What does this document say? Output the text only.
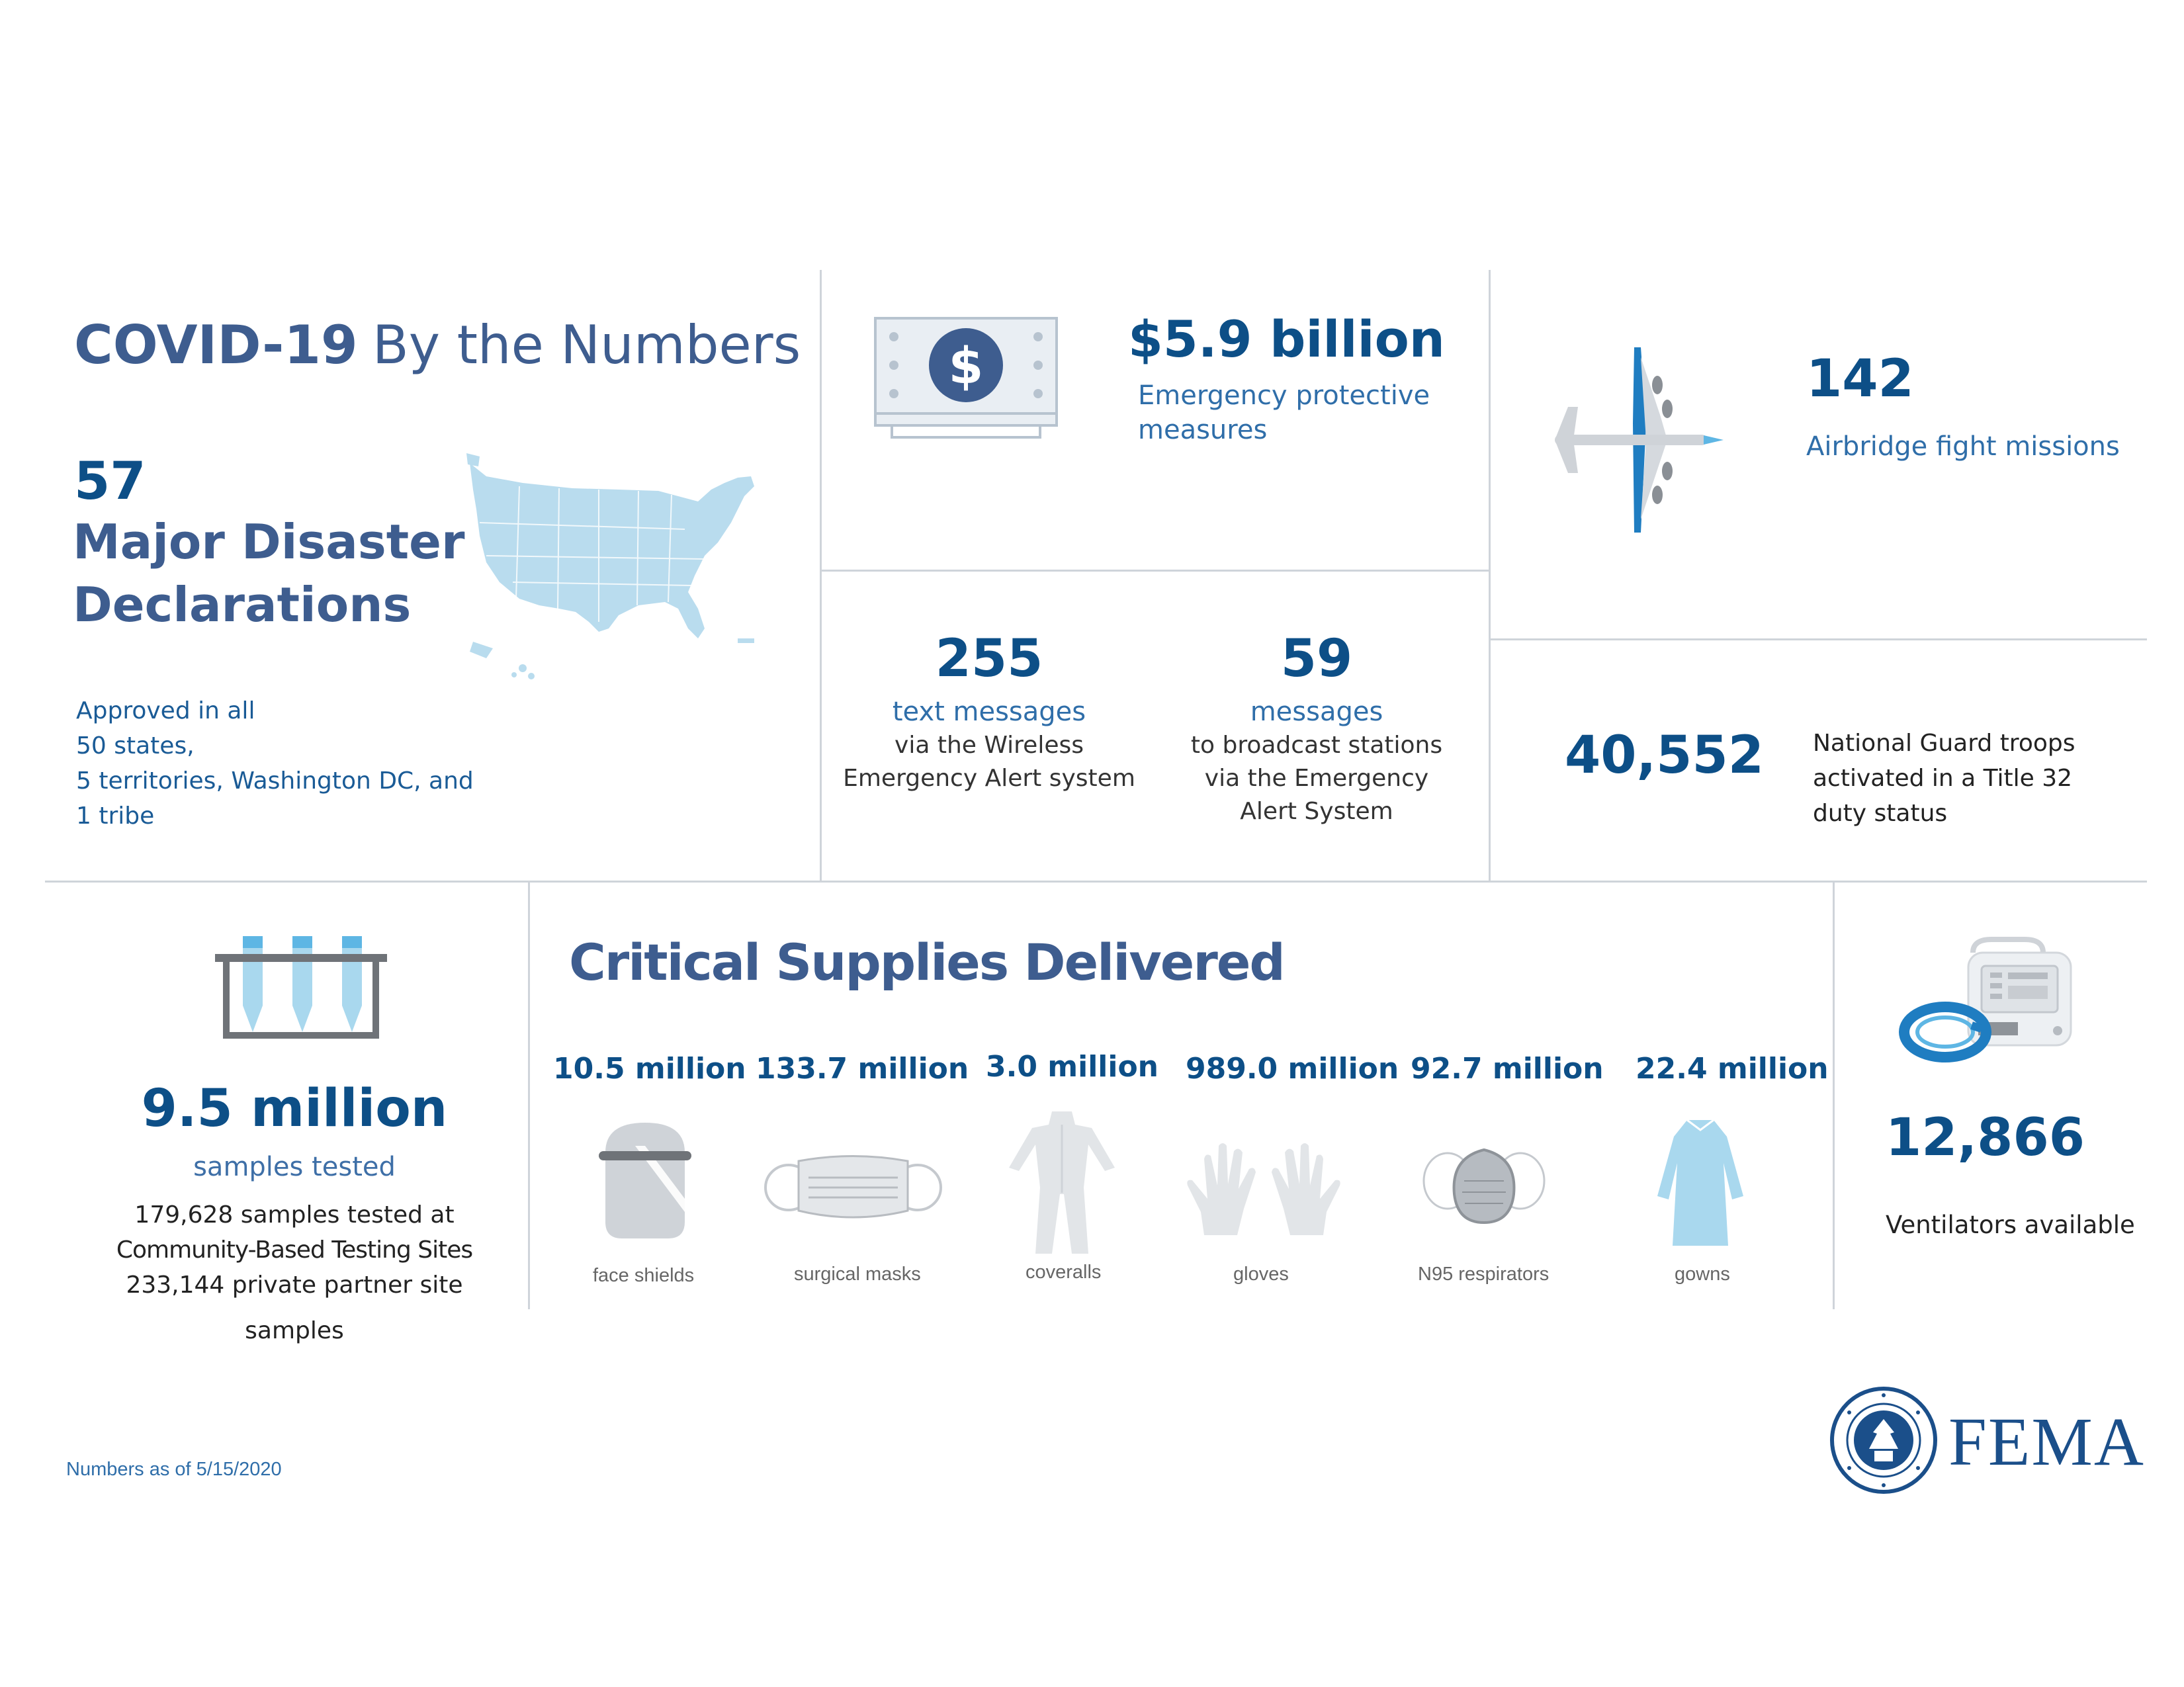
COVID-19 By the Numbers
57
Major Disaster
Declarations
Approved in all
50 states,
5 territories, Washington DC, and
1 tribe
$	$5.9 billion
Emergency protective
measures
142
Airbridge fight missions
255
text messages
via the Wireless
Emergency Alert system
59
messages
to broadcast stations
via the Emergency
Alert System
40,552 National Guard troops
activated in a Title 32
duty status
9.5 million
samples tested
179,628 samples tested at
Community-Based Testing Sites
233,144 private partner site
samples
Critical Supplies Delivered
10.5 million 133.7 million 3.0 million 989.0 million 92.7 million 22.4 million
face shields	surgical masks	coveralls	gloves	N95 respirators	gowns
12,866
Ventilators available
Numbers as of 5/15/2020	FEMA
